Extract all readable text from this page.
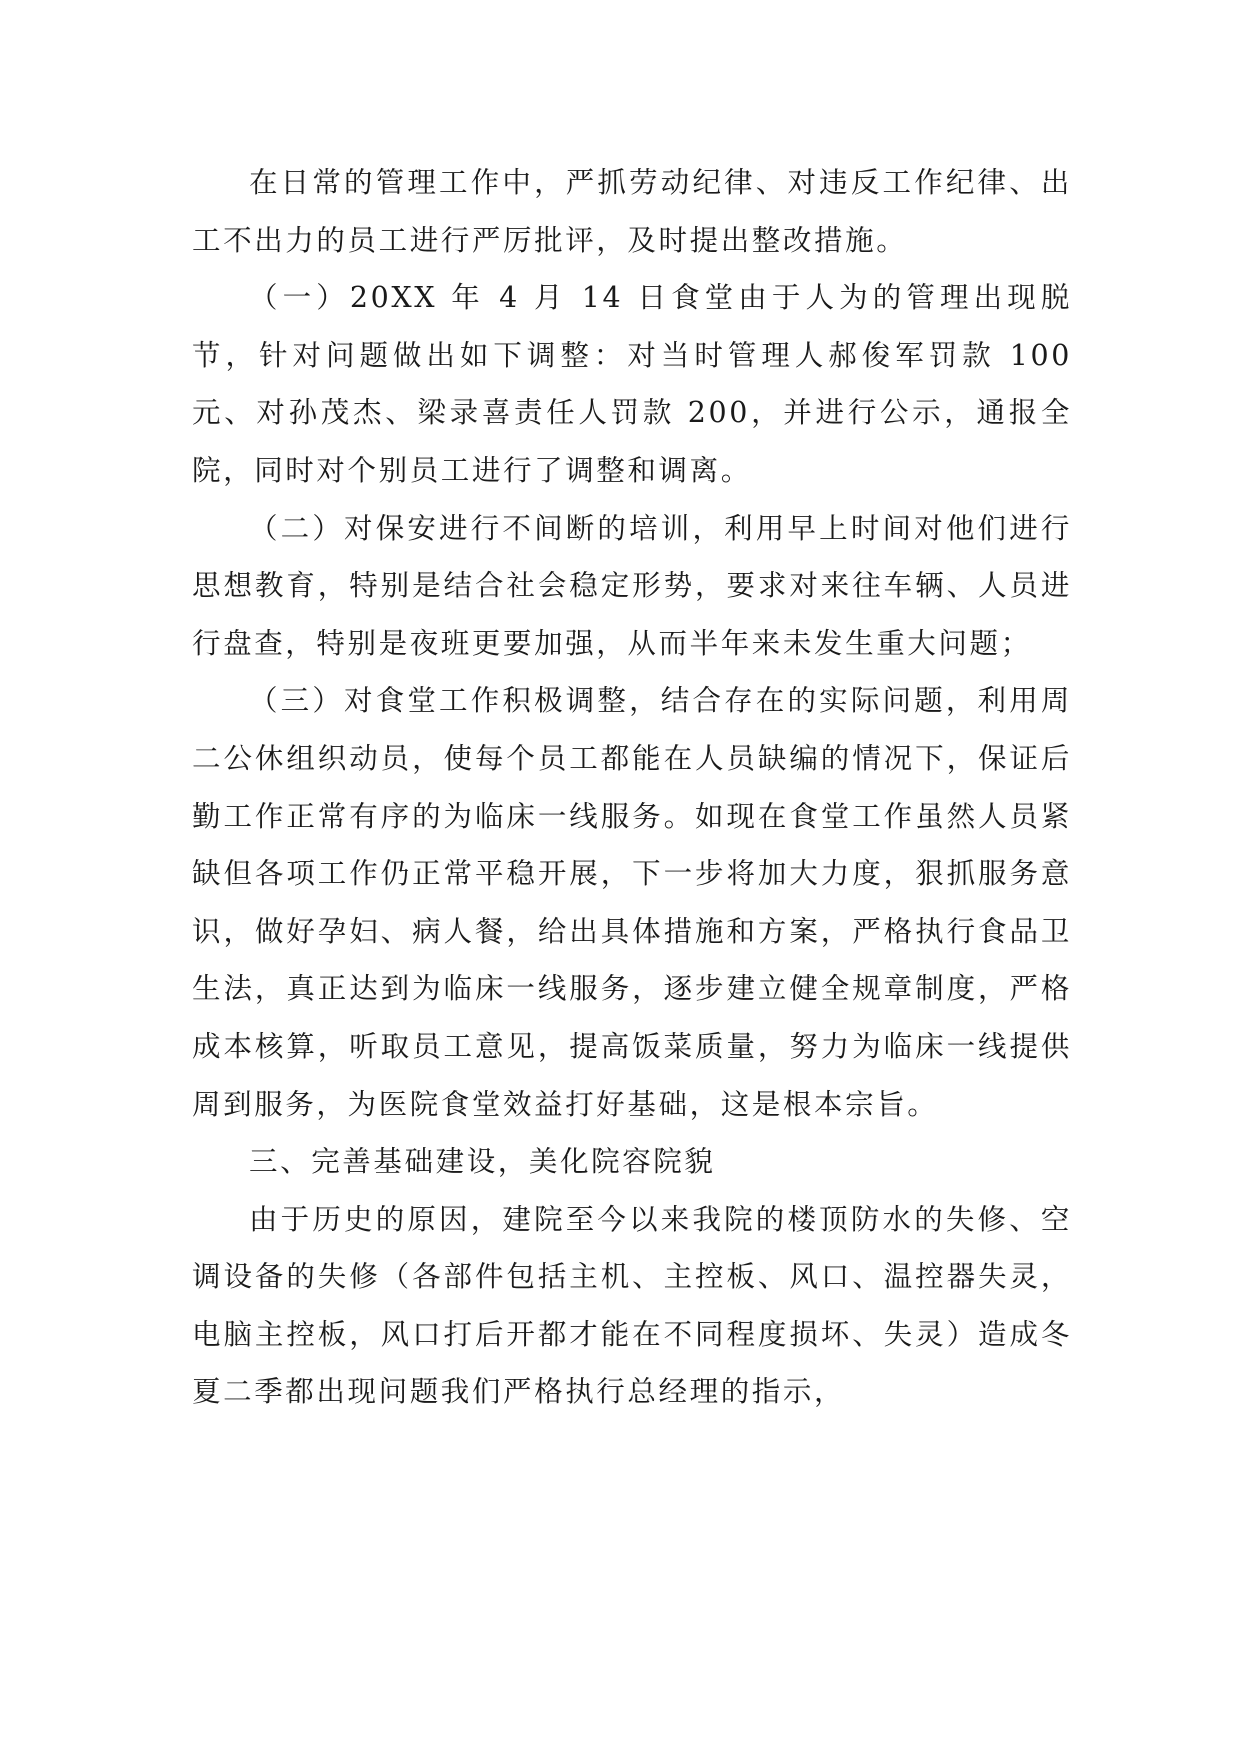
在日常的管理工作中，严抓劳动纪律、对违反工作纪律、出工不出力的员工进行严厉批评，及时提出整改措施。

（一）20XX 年 4 月 14 日食堂由于人为的管理出现脱节，针对问题做出如下调整：对当时管理人郝俊军罚款 100 元、对孙茂杰、梁录喜责任人罚款 200，并进行公示，通报全院，同时对个别员工进行了调整和调离。

（二）对保安进行不间断的培训，利用早上时间对他们进行思想教育，特别是结合社会稳定形势，要求对来往车辆、人员进行盘查，特别是夜班更要加强，从而半年来未发生重大问题；

（三）对食堂工作积极调整，结合存在的实际问题，利用周二公休组织动员，使每个员工都能在人员缺编的情况下，保证后勤工作正常有序的为临床一线服务。如现在食堂工作虽然人员紧缺但各项工作仍正常平稳开展，下一步将加大力度，狠抓服务意识，做好孕妇、病人餐，给出具体措施和方案，严格执行食品卫生法，真正达到为临床一线服务，逐步建立健全规章制度，严格成本核算，听取员工意见，提高饭菜质量，努力为临床一线提供周到服务，为医院食堂效益打好基础，这是根本宗旨。

三、完善基础建设，美化院容院貌

由于历史的原因，建院至今以来我院的楼顶防水的失修、空调设备的失修（各部件包括主机、主控板、风口、温控器失灵，电脑主控板，风口打后开都才能在不同程度损坏、失灵）造成冬夏二季都出现问题我们严格执行总经理的指示，
